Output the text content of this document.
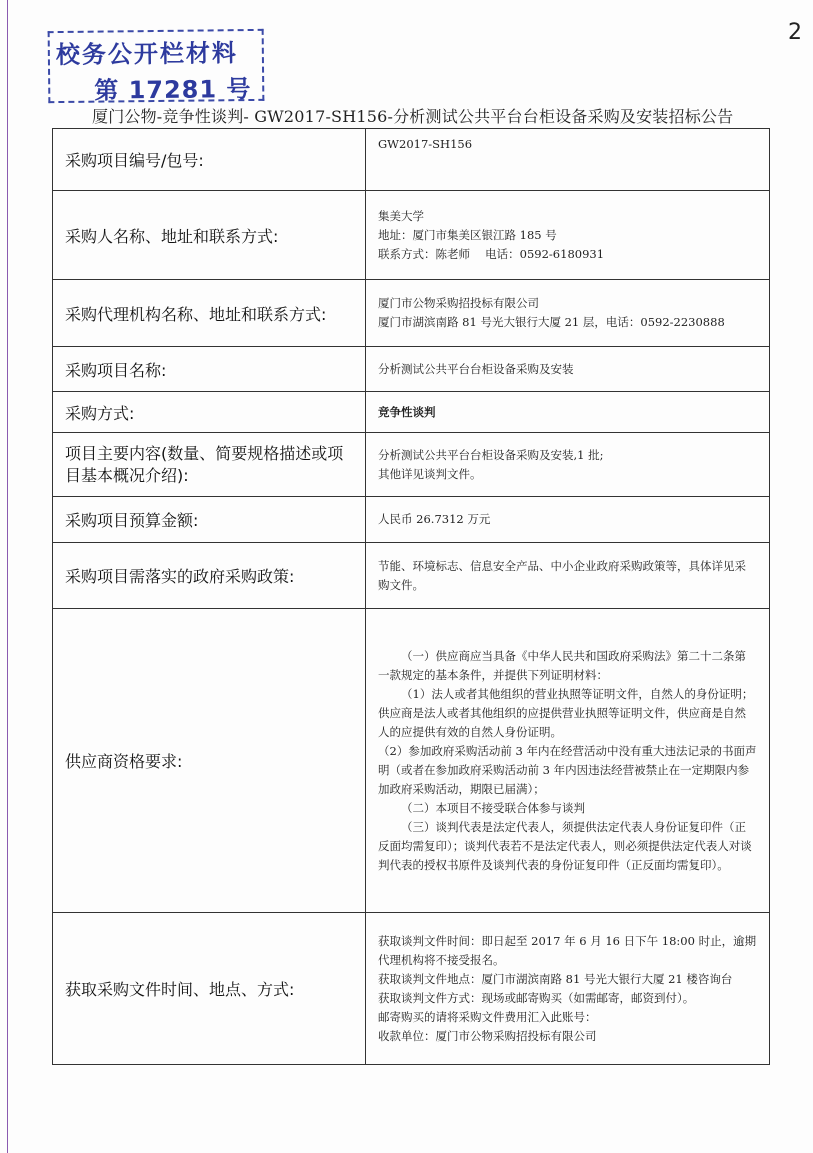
校务公开栏材料
第 17281 号
2
厦门公物-竞争性谈判- GW2017-SH156-分析测试公共平台台柜设备采购及安装招标公告
采购项目编号/包号:	GW2017-SH156

采购人名称、地址和联系方式:	集美大学

地址：厦门市集美区银江路 185 号

联系方式：陈老师　 电话：0592-6180931

采购代理机构名称、地址和联系方式:	厦门市公物采购招投标有限公司

厦门市湖滨南路 81 号光大银行大厦 21 层，电话：0592-2230888

采购项目名称:	分析测试公共平台台柜设备采购及安装

采购方式:	竞争性谈判

项目主要内容(数量、简要规格描述或项目基本概况介绍):	分析测试公共平台台柜设备采购及安装,1 批;

其他详见谈判文件。

采购项目预算金额:	人民币 26.7312 万元

采购项目需落实的政府采购政策:	节能、环境标志、信息安全产品、中小企业政府采购政策等，具体详见采购文件。

供应商资格要求:	（一）供应商应当具备《中华人民共和国政府采购法》第二十二条第一款规定的基本条件，并提供下列证明材料：

（1）法人或者其他组织的营业执照等证明文件，自然人的身份证明；供应商是法人或者其他组织的应提供营业执照等证明文件，供应商是自然人的应提供有效的自然人身份证明。

（2）参加政府采购活动前 3 年内在经营活动中没有重大违法记录的书面声明（或者在参加政府采购活动前 3 年内因违法经营被禁止在一定期限内参加政府采购活动，期限已届满）；

（二）本项目不接受联合体参与谈判

（三）谈判代表是法定代表人，须提供法定代表人身份证复印件（正反面均需复印）；谈判代表若不是法定代表人，则必须提供法定代表人对谈判代表的授权书原件及谈判代表的身份证复印件（正反面均需复印）。

获取采购文件时间、地点、方式:	获取谈判文件时间：即日起至 2017 年 6 月 16 日下午 18:00 时止，逾期代理机构将不接受报名。

获取谈判文件地点：厦门市湖滨南路 81 号光大银行大厦 21 楼咨询台

获取谈判文件方式：现场或邮寄购买（如需邮寄，邮资到付）。

邮寄购买的请将采购文件费用汇入此账号：

收款单位：厦门市公物采购招投标有限公司
